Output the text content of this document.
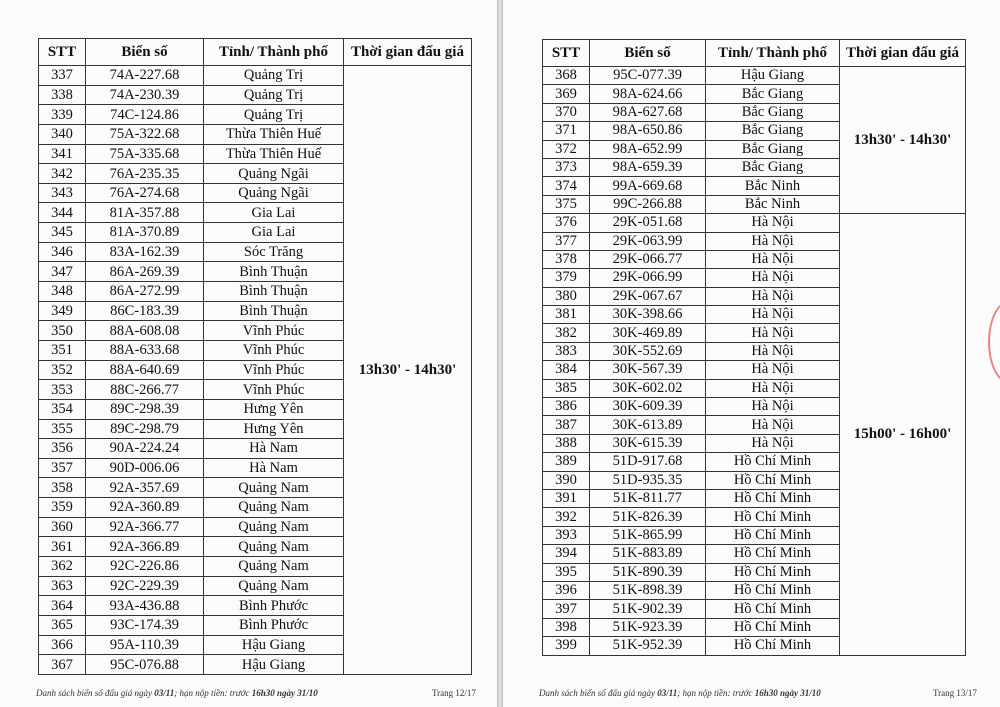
STT	Biển số	Tỉnh/ Thành phố	Thời gian đấu giá
337	74A-227.68	Quảng Trị	13h30' - 14h30'
338	74A-230.39	Quảng Trị	
339	74C-124.86	Quảng Trị	
340	75A-322.68	Thừa Thiên Huế	
341	75A-335.68	Thừa Thiên Huế	
342	76A-235.35	Quảng Ngãi	
343	76A-274.68	Quảng Ngãi	
344	81A-357.88	Gia Lai	
345	81A-370.89	Gia Lai	
346	83A-162.39	Sóc Trăng	
347	86A-269.39	Bình Thuận	
348	86A-272.99	Bình Thuận	
349	86C-183.39	Bình Thuận	
350	88A-608.08	Vĩnh Phúc	
351	88A-633.68	Vĩnh Phúc	
352	88A-640.69	Vĩnh Phúc	
353	88C-266.77	Vĩnh Phúc	
354	89C-298.39	Hưng Yên	
355	89C-298.79	Hưng Yên	
356	90A-224.24	Hà Nam	
357	90D-006.06	Hà Nam	
358	92A-357.69	Quảng Nam	
359	92A-360.89	Quảng Nam	
360	92A-366.77	Quảng Nam	
361	92A-366.89	Quảng Nam	
362	92C-226.86	Quảng Nam	
363	92C-229.39	Quảng Nam	
364	93A-436.88	Bình Phước	
365	93C-174.39	Bình Phước	
366	95A-110.39	Hậu Giang	
367	95C-076.88	Hậu Giang	
Danh sách biển số đấu giá ngày 03/11; hạn nộp tiền: trước 16h30 ngày 31/10	Trang 12/17
STT	Biển số	Tỉnh/ Thành phố	Thời gian đấu giá
368	95C-077.39	Hậu Giang	13h30' - 14h30'
369	98A-624.66	Bắc Giang	
370	98A-627.68	Bắc Giang	
371	98A-650.86	Bắc Giang	
372	98A-652.99	Bắc Giang	
373	98A-659.39	Bắc Giang	
374	99A-669.68	Bắc Ninh	
375	99C-266.88	Bắc Ninh	
376	29K-051.68	Hà Nội	15h00' - 16h00'
377	29K-063.99	Hà Nội	
378	29K-066.77	Hà Nội	
379	29K-066.99	Hà Nội	
380	29K-067.67	Hà Nội	
381	30K-398.66	Hà Nội	
382	30K-469.89	Hà Nội	
383	30K-552.69	Hà Nội	
384	30K-567.39	Hà Nội	
385	30K-602.02	Hà Nội	
386	30K-609.39	Hà Nội	
387	30K-613.89	Hà Nội	
388	30K-615.39	Hà Nội	
389	51D-917.68	Hồ Chí Minh	
390	51D-935.35	Hồ Chí Minh	
391	51K-811.77	Hồ Chí Minh	
392	51K-826.39	Hồ Chí Minh	
393	51K-865.99	Hồ Chí Minh	
394	51K-883.89	Hồ Chí Minh	
395	51K-890.39	Hồ Chí Minh	
396	51K-898.39	Hồ Chí Minh	
397	51K-902.39	Hồ Chí Minh	
398	51K-923.39	Hồ Chí Minh	
399	51K-952.39	Hồ Chí Minh	
Danh sách biển số đấu giá ngày 03/11; hạn nộp tiền: trước 16h30 ngày 31/10	Trang 13/17
